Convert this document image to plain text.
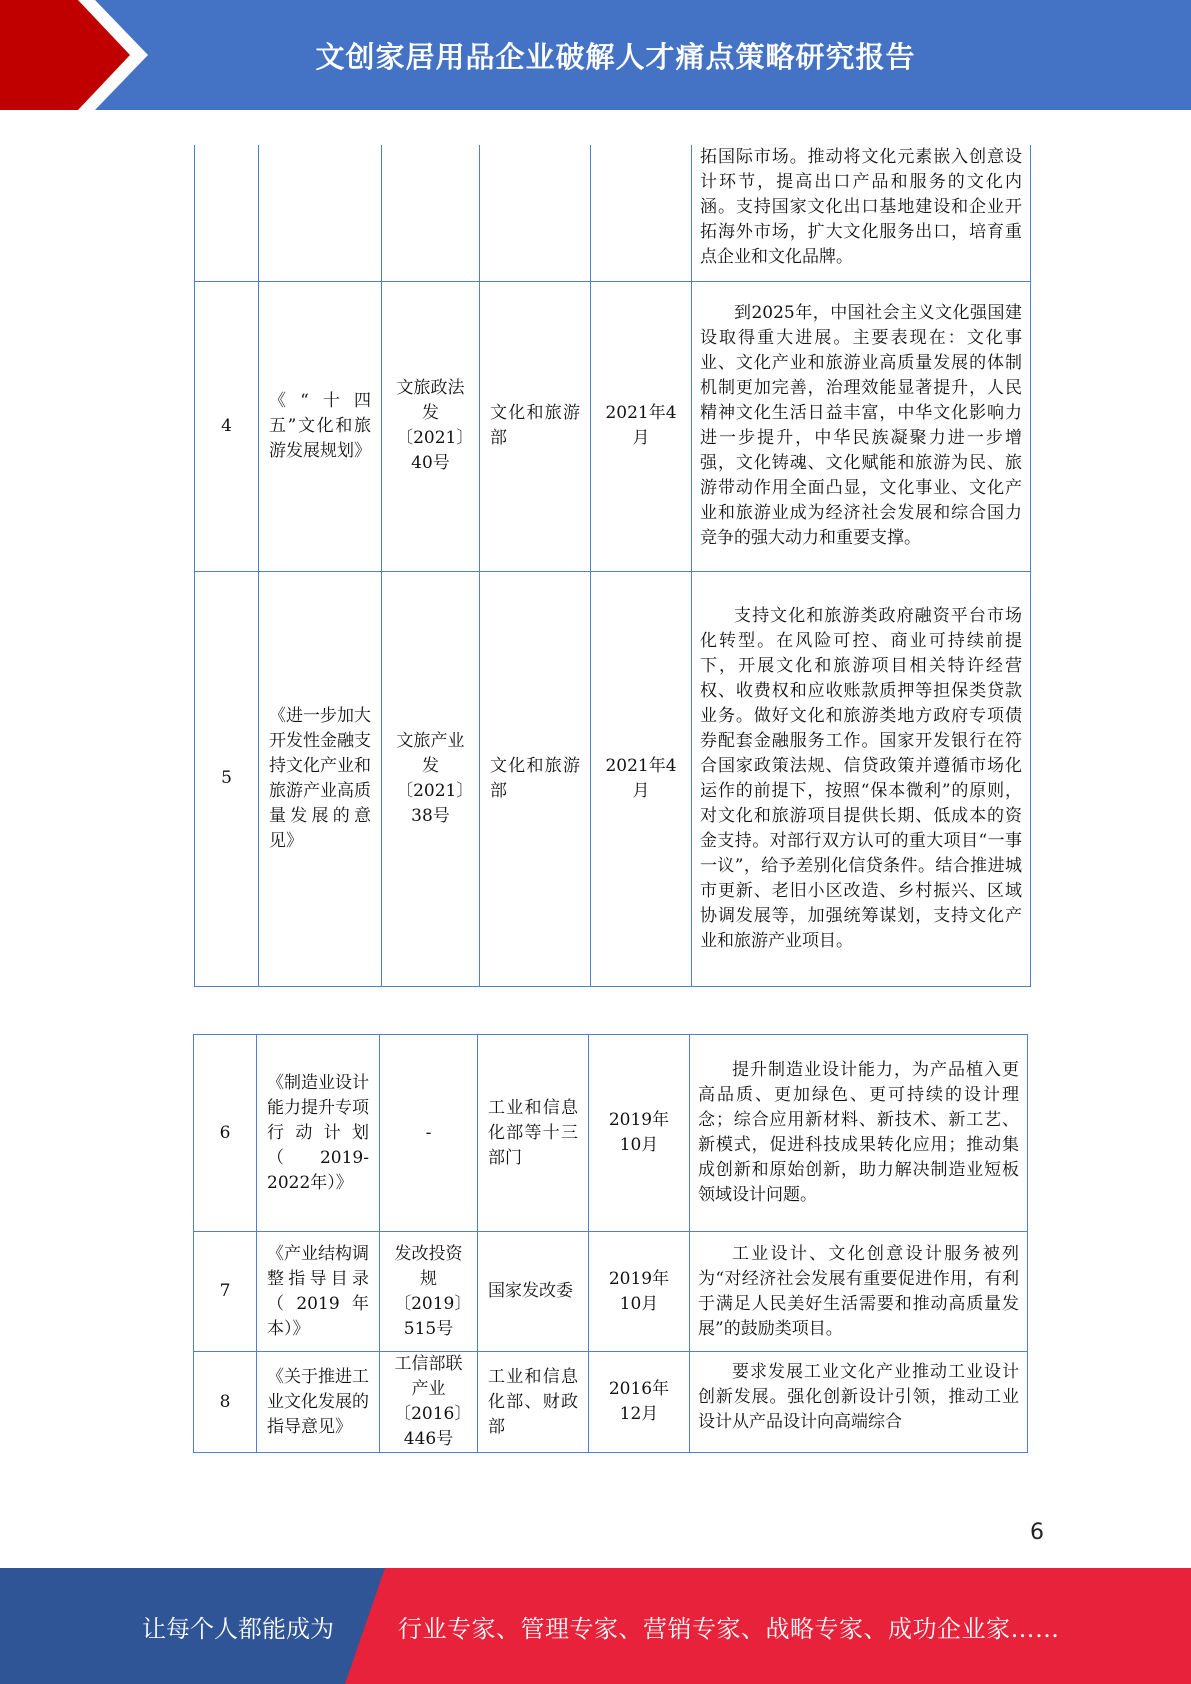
文创家居用品企业破解人才痛点策略研究报告
					拓国际市场。推动将文化元素嵌入创意设计环节，提高出口产品和服务的文化内涵。支持国家文化出口基地建设和企业开拓海外市场，扩大文化服务出口，培育重点企业和文化品牌。
4	《“十四五”文化和旅游发展规划》	文旅政法发〔2021〕40号	文化和旅游部	2021年4月	到2025年，中国社会主义文化强国建设取得重大进展。主要表现在：文化事业、文化产业和旅游业高质量发展的体制机制更加完善，治理效能显著提升，人民精神文化生活日益丰富，中华文化影响力进一步提升，中华民族凝聚力进一步增强，文化铸魂、文化赋能和旅游为民、旅游带动作用全面凸显，文化事业、文化产业和旅游业成为经济社会发展和综合国力竞争的强大动力和重要支撑。
5	《进一步加大开发性金融支持文化产业和旅游产业高质量发展的意见》	文旅产业发〔2021〕38号	文化和旅游部	2021年4月	支持文化和旅游类政府融资平台市场化转型。在风险可控、商业可持续前提下，开展文化和旅游项目相关特许经营权、收费权和应收账款质押等担保类贷款业务。做好文化和旅游类地方政府专项债券配套金融服务工作。国家开发银行在符合国家政策法规、信贷政策并遵循市场化运作的前提下，按照“保本微利”的原则，对文化和旅游项目提供长期、低成本的资金支持。对部行双方认可的重大项目“一事一议”，给予差别化信贷条件。结合推进城市更新、老旧小区改造、乡村振兴、区域协调发展等，加强统筹谋划，支持文化产业和旅游产业项目。
6	《制造业设计能力提升专项行动计划（2019-2022年）》	-	工业和信息化部等十三部门	2019年10月	提升制造业设计能力，为产品植入更高品质、更加绿色、更可持续的设计理念；综合应用新材料、新技术、新工艺、新模式，促进科技成果转化应用；推动集成创新和原始创新，助力解决制造业短板领域设计问题。
7	《产业结构调整指导目录（2019年本）》	发改投资规〔2019〕515号	国家发改委	2019年10月	工业设计、文化创意设计服务被列为“对经济社会发展有重要促进作用，有利于满足人民美好生活需要和推动高质量发展”的鼓励类项目。
8	《关于推进工业文化发展的指导意见》	工信部联产业〔2016〕446号	工业和信息化部、财政部	2016年12月	要求发展工业文化产业推动工业设计创新发展。强化创新设计引领，推动工业设计从产品设计向高端综合
6
让每个人都能成为	行业专家、管理专家、营销专家、战略专家、成功企业家……
